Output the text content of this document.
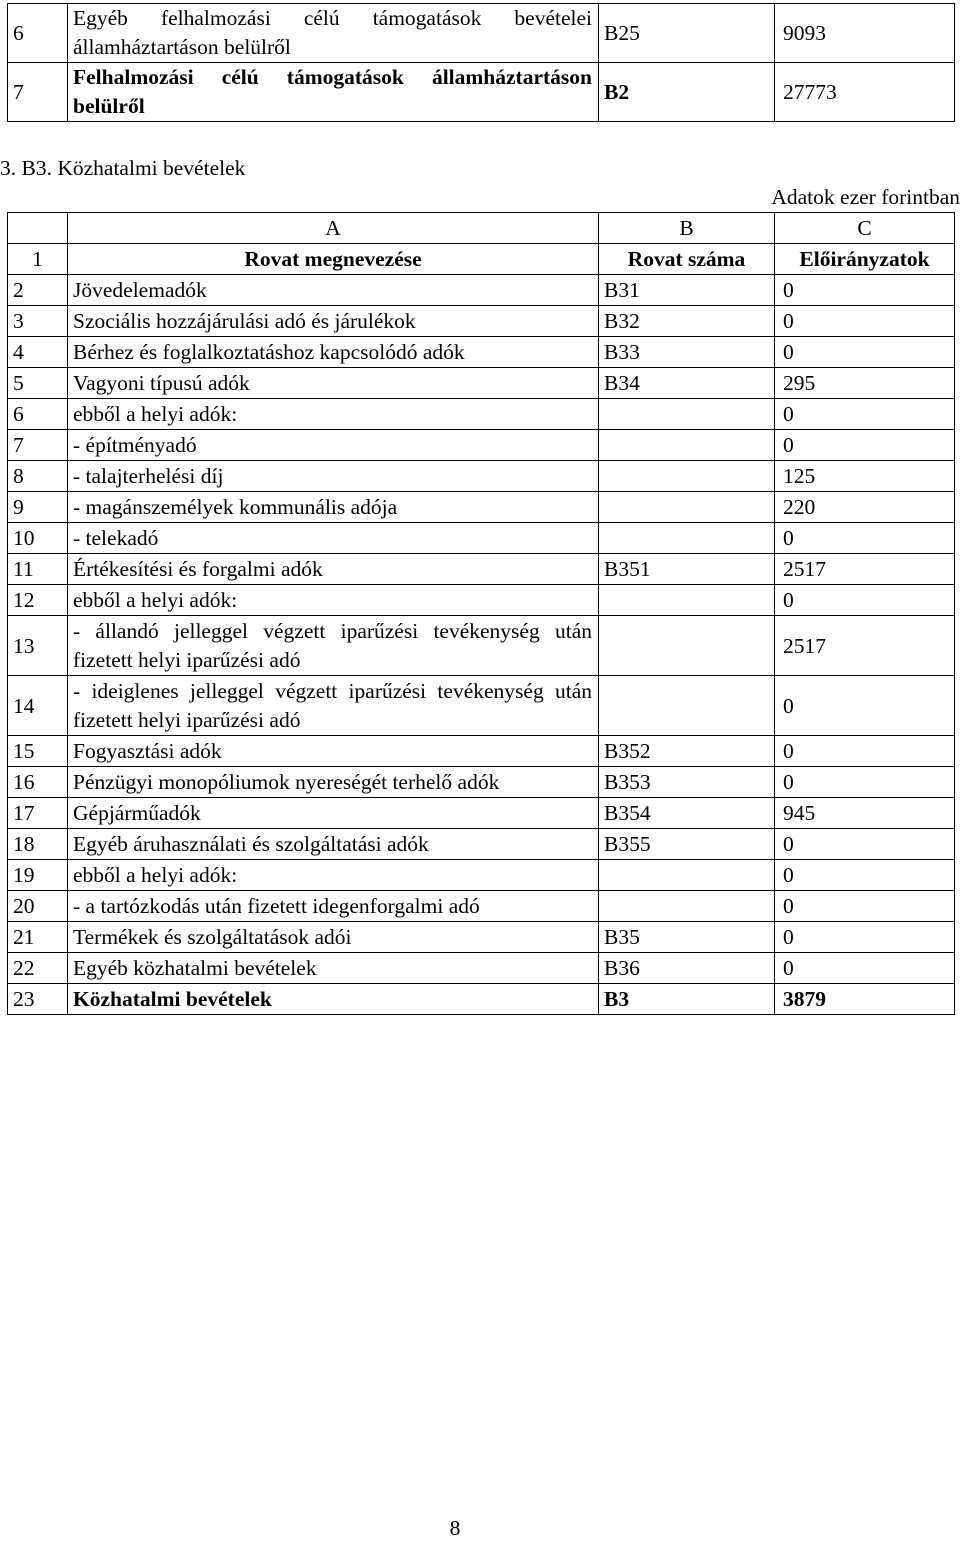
6	Egyéb felhalmozási célú támogatások bevételei államháztartáson belülről	B25	9093
7	Felhalmozási célú támogatások államháztartáson belülről	B2	27773
3. B3. Közhatalmi bevételek
Adatok ezer forintban
	A	B	C
1	Rovat megnevezése	Rovat száma	Előirányzatok
2	Jövedelemadók	B31	0
3	Szociális hozzájárulási adó és járulékok	B32	0
4	Bérhez és foglalkoztatáshoz kapcsolódó adók	B33	0
5	Vagyoni típusú adók	B34	295
6	ebből a helyi adók:		0
7	- építményadó		0
8	- talajterhelési díj		125
9	- magánszemélyek kommunális adója		220
10	- telekadó		0
11	Értékesítési és forgalmi adók	B351	2517
12	ebből a helyi adók:		0
13	- állandó jelleggel végzett iparűzési tevékenység után fizetett helyi iparűzési adó		2517
14	- ideiglenes jelleggel végzett iparűzési tevékenység után fizetett helyi iparűzési adó		0
15	Fogyasztási adók	B352	0
16	Pénzügyi monopóliumok nyereségét terhelő adók	B353	0
17	Gépjárműadók	B354	945
18	Egyéb áruhasználati és szolgáltatási adók	B355	0
19	ebből a helyi adók:		0
20	- a tartózkodás után fizetett idegenforgalmi adó		0
21	Termékek és szolgáltatások adói	B35	0
22	Egyéb közhatalmi bevételek	B36	0
23	Közhatalmi bevételek	B3	3879
8
